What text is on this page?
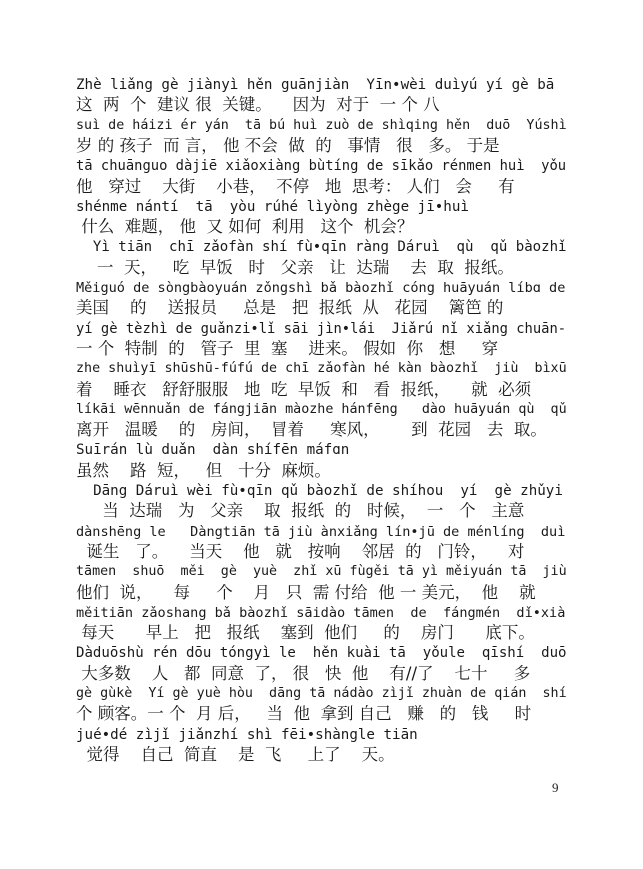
Zhè liǎng gè jiànyì hěn guānjiàn  Yīn•wèi duìyú yí gè bā
这  两  个  建议 很  关键。    因为  对于  一 个 八
suì de háizi ér yán  tā bú huì zuò de shìqing hěn  duō  Yúshì
岁 的 孩子  而 言， 他 不会  做  的   事情   很   多。 于是
tā chuānguo dàjiē xiǎoxiàng bùtíng de sīkǎo rénmen huì  yǒu
他   穿过    大街    小巷，  不停   地  思考： 人们   会     有
shénme nántí  tā  yòu rúhé lìyòng zhège jī•huì
什么  难题， 他  又 如何  利用   这个  机会？
Yì tiān  chī zǎofàn shí fù•qīn ràng Dáruì  qù  qǔ bàozhǐ
一  天，   吃  早饭   时   父亲   让  达瑞    去  取  报纸。
Měiguó de sòngbàoyuán zǒngshì bǎ bàozhǐ cóng huāyuán líbɑ de
美国    的    送报员     总是   把  报纸  从   花园    篱笆 的
yí gè tèzhì de guǎnzi•lǐ sāi jìn•lái  Jiǎrú nǐ xiǎng chuān-
一 个  特制  的   管子  里  塞    进来。 假如  你   想     穿
zhe shuìyī shūshū-fúfú de chī zǎofàn hé kàn bàozhǐ  jiù  bìxū
着    睡衣   舒舒服服   地  吃  早饭  和   看  报纸，    就  必须
líkāi wēnnuǎn de fángjiān màozhe hánfēng   dào huāyuán qù  qǔ
离开   温暖    的   房间，  冒着     寒风，      到  花园   去  取。
Suīrán lù duǎn  dàn shífēn máfɑn
虽然    路  短，   但   十分  麻烦。
Dāng Dáruì wèi fù•qīn qǔ bàozhǐ de shíhou  yí  gè zhǔyi
当  达瑞   为   父亲    取  报纸  的   时候，  一   个   主意
dànshēng le   Dàngtiān tā jiù ànxiǎng lín•jū de ménlíng  duì
诞生   了。    当天    他   就   按响    邻居  的   门铃，    对
tāmen  shuō  měi  gè  yuè  zhǐ xū fùgěi tā yì měiyuán tā  jiù
他们  说，    每     个    月   只  需 付给  他 一 美元，  他    就
měitiān zǎoshang bǎ bàozhǐ sāidào tāmen  de  fángmén  dǐ•xià
每天      早上   把   报纸    塞到  他们     的    房门      底下。
Dàduōshù rén dōu tóngyì le  hěn kuài tā  yǒule  qīshí  duō
大多数    人   都  同意  了， 很   快  他    有//了    七十     多
gè gùkè  Yí gè yuè hòu  dāng tā nádào zìjǐ zhuàn de qián  shí
个 顾客。一 个  月 后，   当  他  拿到 自己   赚   的   钱     时
jué•dé zìjǐ jiǎnzhí shì fēi•shàngle tiān
觉得    自己  简直    是  飞     上了    天。
9
